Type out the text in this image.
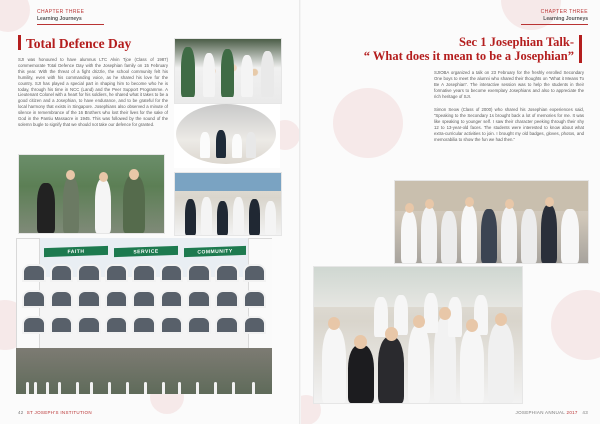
CHAPTER THREE
Learning Journeys
Total Defence Day
SJI was honoured to have alumnus LTC Alvin Tjoe (Class of 1987) commemorate Total Defence Day with the Josephian family on 15 February this year. With the threat of a fight drizzle, the school community felt his humility, even with his commanding voice, as he shared his love for the country. SJI has played a special part in shaping him to become who he is today, through his time in NCC (Land) and the Peer Support Programme. A Lieutenant Colonel with a heart for his soldiers, he shared what it takes to be a good citizen and a Josephian, to have endurance, and to be grateful for the local harmony that exists in Singapore. Josephians also observed a minute of silence in remembrance of the 16 Brothers who lost their lives for the sake of God in the Pantiu Massacre in 1945. This was followed by the sound of the solemn bugle to signify that we should not take our defence for granted.
FAITH	SERVICE	COMMUNITY
42 ST JOSEPH'S INSTITUTION
CHAPTER THREE
Learning Journeys
Sec 1 Josephian Talk-
“ What does it mean to be a Josephian”
SJIOBA organized a talk on 23 February for the freshly enrolled Secondary One boys to meet the alumni who shared their thoughts on “What it Means To Be A Josephian”. The interactive session was to help the students in their formative years to become exemplary Josephians and also to appreciate the rich heritage of SJI.
Simon Seow (Class of 2000) who shared his Josephian experiences said, “Speaking to the Secondary 1s brought back a lot of memories for me. It was like speaking to younger self. I saw their character peeking through their shy 12 to 13-year-old faces. The students were interested to know about what extra-curricular activities to join. I brought my old badges, gloves, photos, and memorabilia to show the fun we had then.”
JOSEPHIAN ANNUAL 2017 43
